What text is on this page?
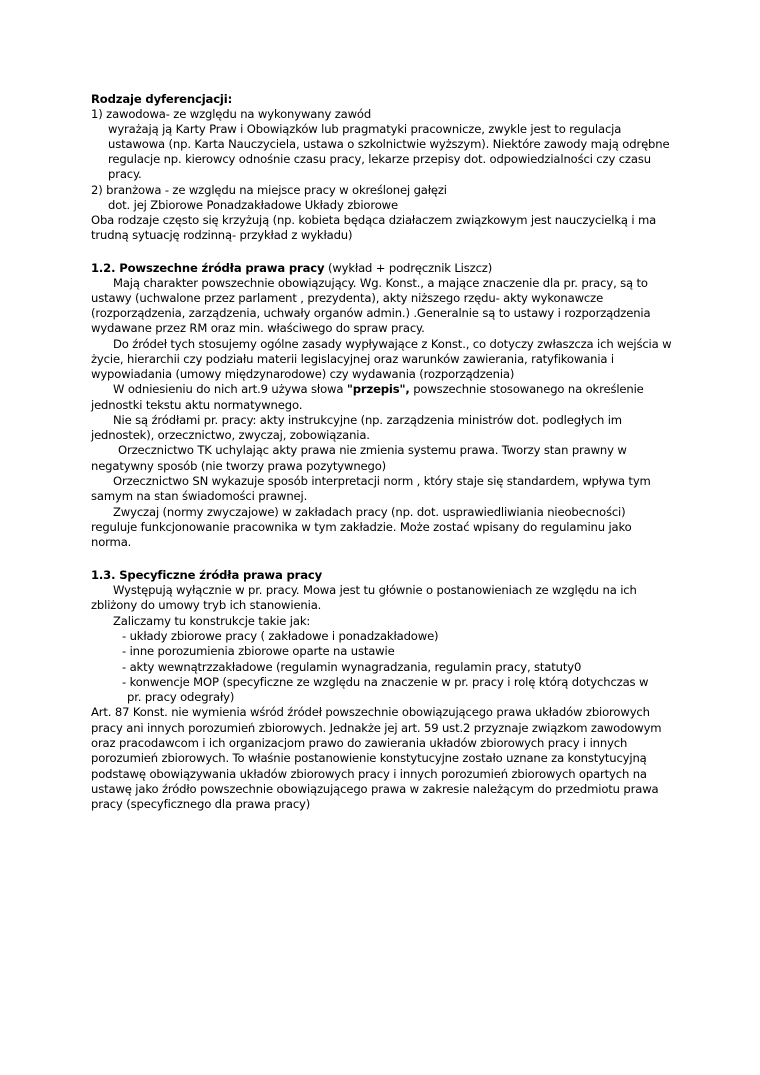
Rodzaje dyferencjacji:
1) zawodowa- ze względu na wykonywany zawód
wyrażają ją Karty Praw i Obowiązków lub pragmatyki pracownicze, zwykle jest to regulacja
ustawowa (np. Karta Nauczyciela, ustawa o szkolnictwie wyższym). Niektóre zawody mają odrębne
regulacje np. kierowcy odnośnie czasu pracy, lekarze przepisy dot. odpowiedzialności czy czasu
pracy.
2) branżowa - ze względu na miejsce pracy w określonej gałęzi
dot. jej Zbiorowe Ponadzakładowe Układy zbiorowe
Oba rodzaje często się krzyżują (np. kobieta będąca działaczem związkowym jest nauczycielką i ma
trudną sytuację rodzinną- przykład z wykładu)
1.2. Powszechne źródła prawa pracy (wykład + podręcznik Liszcz)
Mają charakter powszechnie obowiązujący. Wg. Konst., a mające znaczenie dla pr. pracy, są to
ustawy (uchwalone przez parlament , prezydenta), akty niższego rzędu- akty wykonawcze
(rozporządzenia, zarządzenia, uchwały organów admin.) .Generalnie są to ustawy i rozporządzenia
wydawane przez RM oraz min. właściwego do spraw pracy.
Do źródeł tych stosujemy ogólne zasady wypływające z Konst., co dotyczy zwłaszcza ich wejścia w
życie, hierarchii czy podziału materii legislacyjnej oraz warunków zawierania, ratyfikowania i
wypowiadania (umowy międzynarodowe) czy wydawania (rozporządzenia)
W odniesieniu do nich art.9 używa słowa "przepis", powszechnie stosowanego na określenie
jednostki tekstu aktu normatywnego.
Nie są źródłami pr. pracy: akty instrukcyjne (np. zarządzenia ministrów dot. podległych im
jednostek), orzecznictwo, zwyczaj, zobowiązania.
Orzecznictwo TK uchylając akty prawa nie zmienia systemu prawa. Tworzy stan prawny w
negatywny sposób (nie tworzy prawa pozytywnego)
Orzecznictwo SN wykazuje sposób interpretacji norm , który staje się standardem, wpływa tym
samym na stan świadomości prawnej.
Zwyczaj (normy zwyczajowe) w zakładach pracy (np. dot. usprawiedliwiania nieobecności)
reguluje funkcjonowanie pracownika w tym zakładzie. Może zostać wpisany do regulaminu jako
norma.
1.3. Specyficzne źródła prawa pracy
Występują wyłącznie w pr. pracy. Mowa jest tu głównie o postanowieniach ze względu na ich
zbliżony do umowy tryb ich stanowienia.
Zaliczamy tu konstrukcje takie jak:
- układy zbiorowe pracy ( zakładowe i ponadzakładowe)
- inne porozumienia zbiorowe oparte na ustawie
- akty wewnątrzzakładowe (regulamin wynagradzania, regulamin pracy, statuty0
- konwencje MOP (specyficzne ze względu na znaczenie w pr. pracy i rolę którą dotychczas w
pr. pracy odegrały)
Art. 87 Konst. nie wymienia wśród źródeł powszechnie obowiązującego prawa układów zbiorowych
pracy ani innych porozumień zbiorowych. Jednakże jej art. 59 ust.2 przyznaje związkom zawodowym
oraz pracodawcom i ich organizacjom prawo do zawierania układów zbiorowych pracy i innych
porozumień zbiorowych. To właśnie postanowienie konstytucyjne zostało uznane za konstytucyjną
podstawę obowiązywania układów zbiorowych pracy i innych porozumień zbiorowych opartych na
ustawę jako źródło powszechnie obowiązującego prawa w zakresie należącym do przedmiotu prawa
pracy (specyficznego dla prawa pracy)
